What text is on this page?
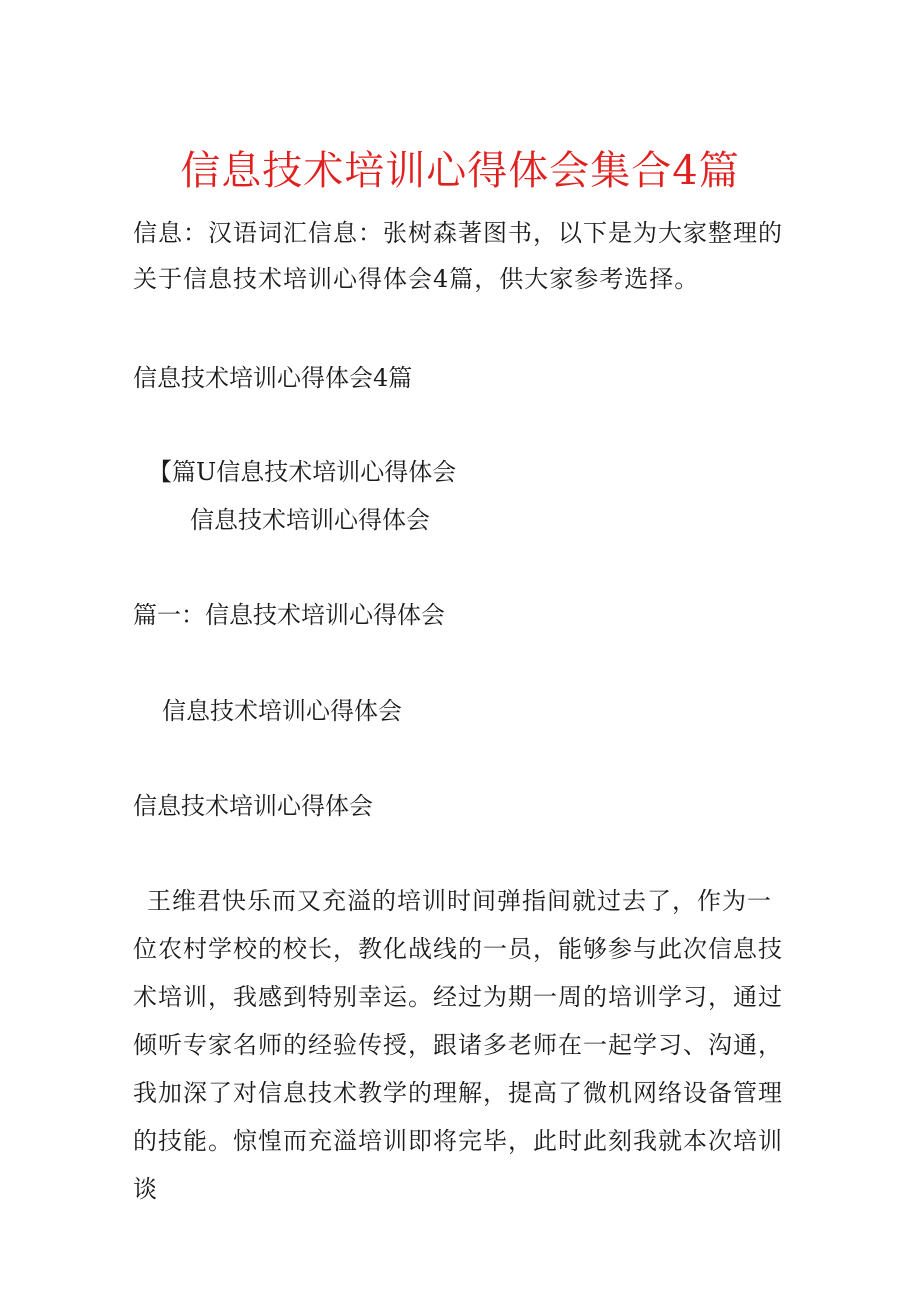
信息技术培训心得体会集合4篇

信息：汉语词汇信息：张树森著图书，以下是为大家整理的关于信息技术培训心得体会4篇，供大家参考选择。

信息技术培训心得体会4篇

【篇U信息技术培训心得体会

信息技术培训心得体会

篇一：信息技术培训心得体会

信息技术培训心得体会

信息技术培训心得体会

王维君快乐而又充溢的培训时间弹指间就过去了，作为一位农村学校的校长，教化战线的一员，能够参与此次信息技术培训，我感到特别幸运。经过为期一周的培训学习，通过倾听专家名师的经验传授，跟诸多老师在一起学习、沟通，我加深了对信息技术教学的理解，提高了微机网络设备管理的技能。惊惶而充溢培训即将完毕，此时此刻我就本次培训谈
